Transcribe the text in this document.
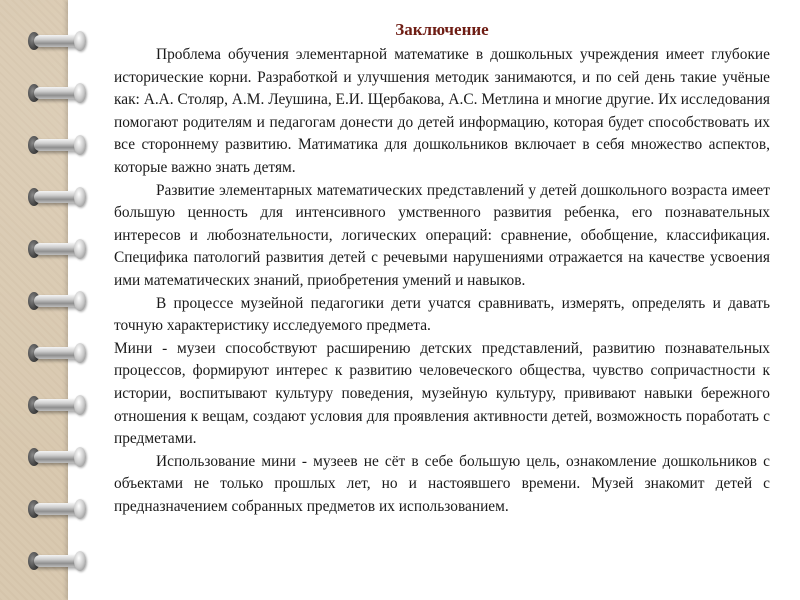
Заключение

Проблема обучения элементарной математике в дошкольных учреждения имеет глубокие исторические корни. Разработкой и улучшения методик занимаются, и по сей день такие учёные как: А.А. Столяр, А.М. Леушина, Е.И. Щербакова, А.С. Метлина и многие другие. Их исследования помогают родителям и педагогам донести до детей информацию, которая будет способствовать их все стороннему развитию. Матиматика для дошкольников включает в себя множество аспектов, которые важно знать детям.

Развитие элементарных математических представлений у детей дошкольного возраста имеет большую ценность для интенсивного умственного развития ребенка, его познавательных интересов и любознательности, логических операций: сравнение, обобщение, классификация. Специфика патологий развития детей с речевыми нарушениями отражается на качестве усвоения ими математических знаний, приобретения умений и навыков.

В процессе музейной педагогики дети учатся сравнивать, измерять, определять и давать точную характеристику исследуемого предмета.

Мини - музеи способствуют расширению детских представлений, развитию познавательных процессов, формируют интерес к развитию человеческого общества, чувство сопричастности к истории, воспитывают культуру поведения, музейную культуру, прививают навыки бережного отношения к вещам, создают условия для проявления активности детей, возможность поработать с предметами.

Использование мини - музеев не сёт в себе большую цель, ознакомление дошкольников с объектами не только прошлых лет, но и настоявшего времени. Музей знакомит детей с предназначением собранных предметов их использованием.
